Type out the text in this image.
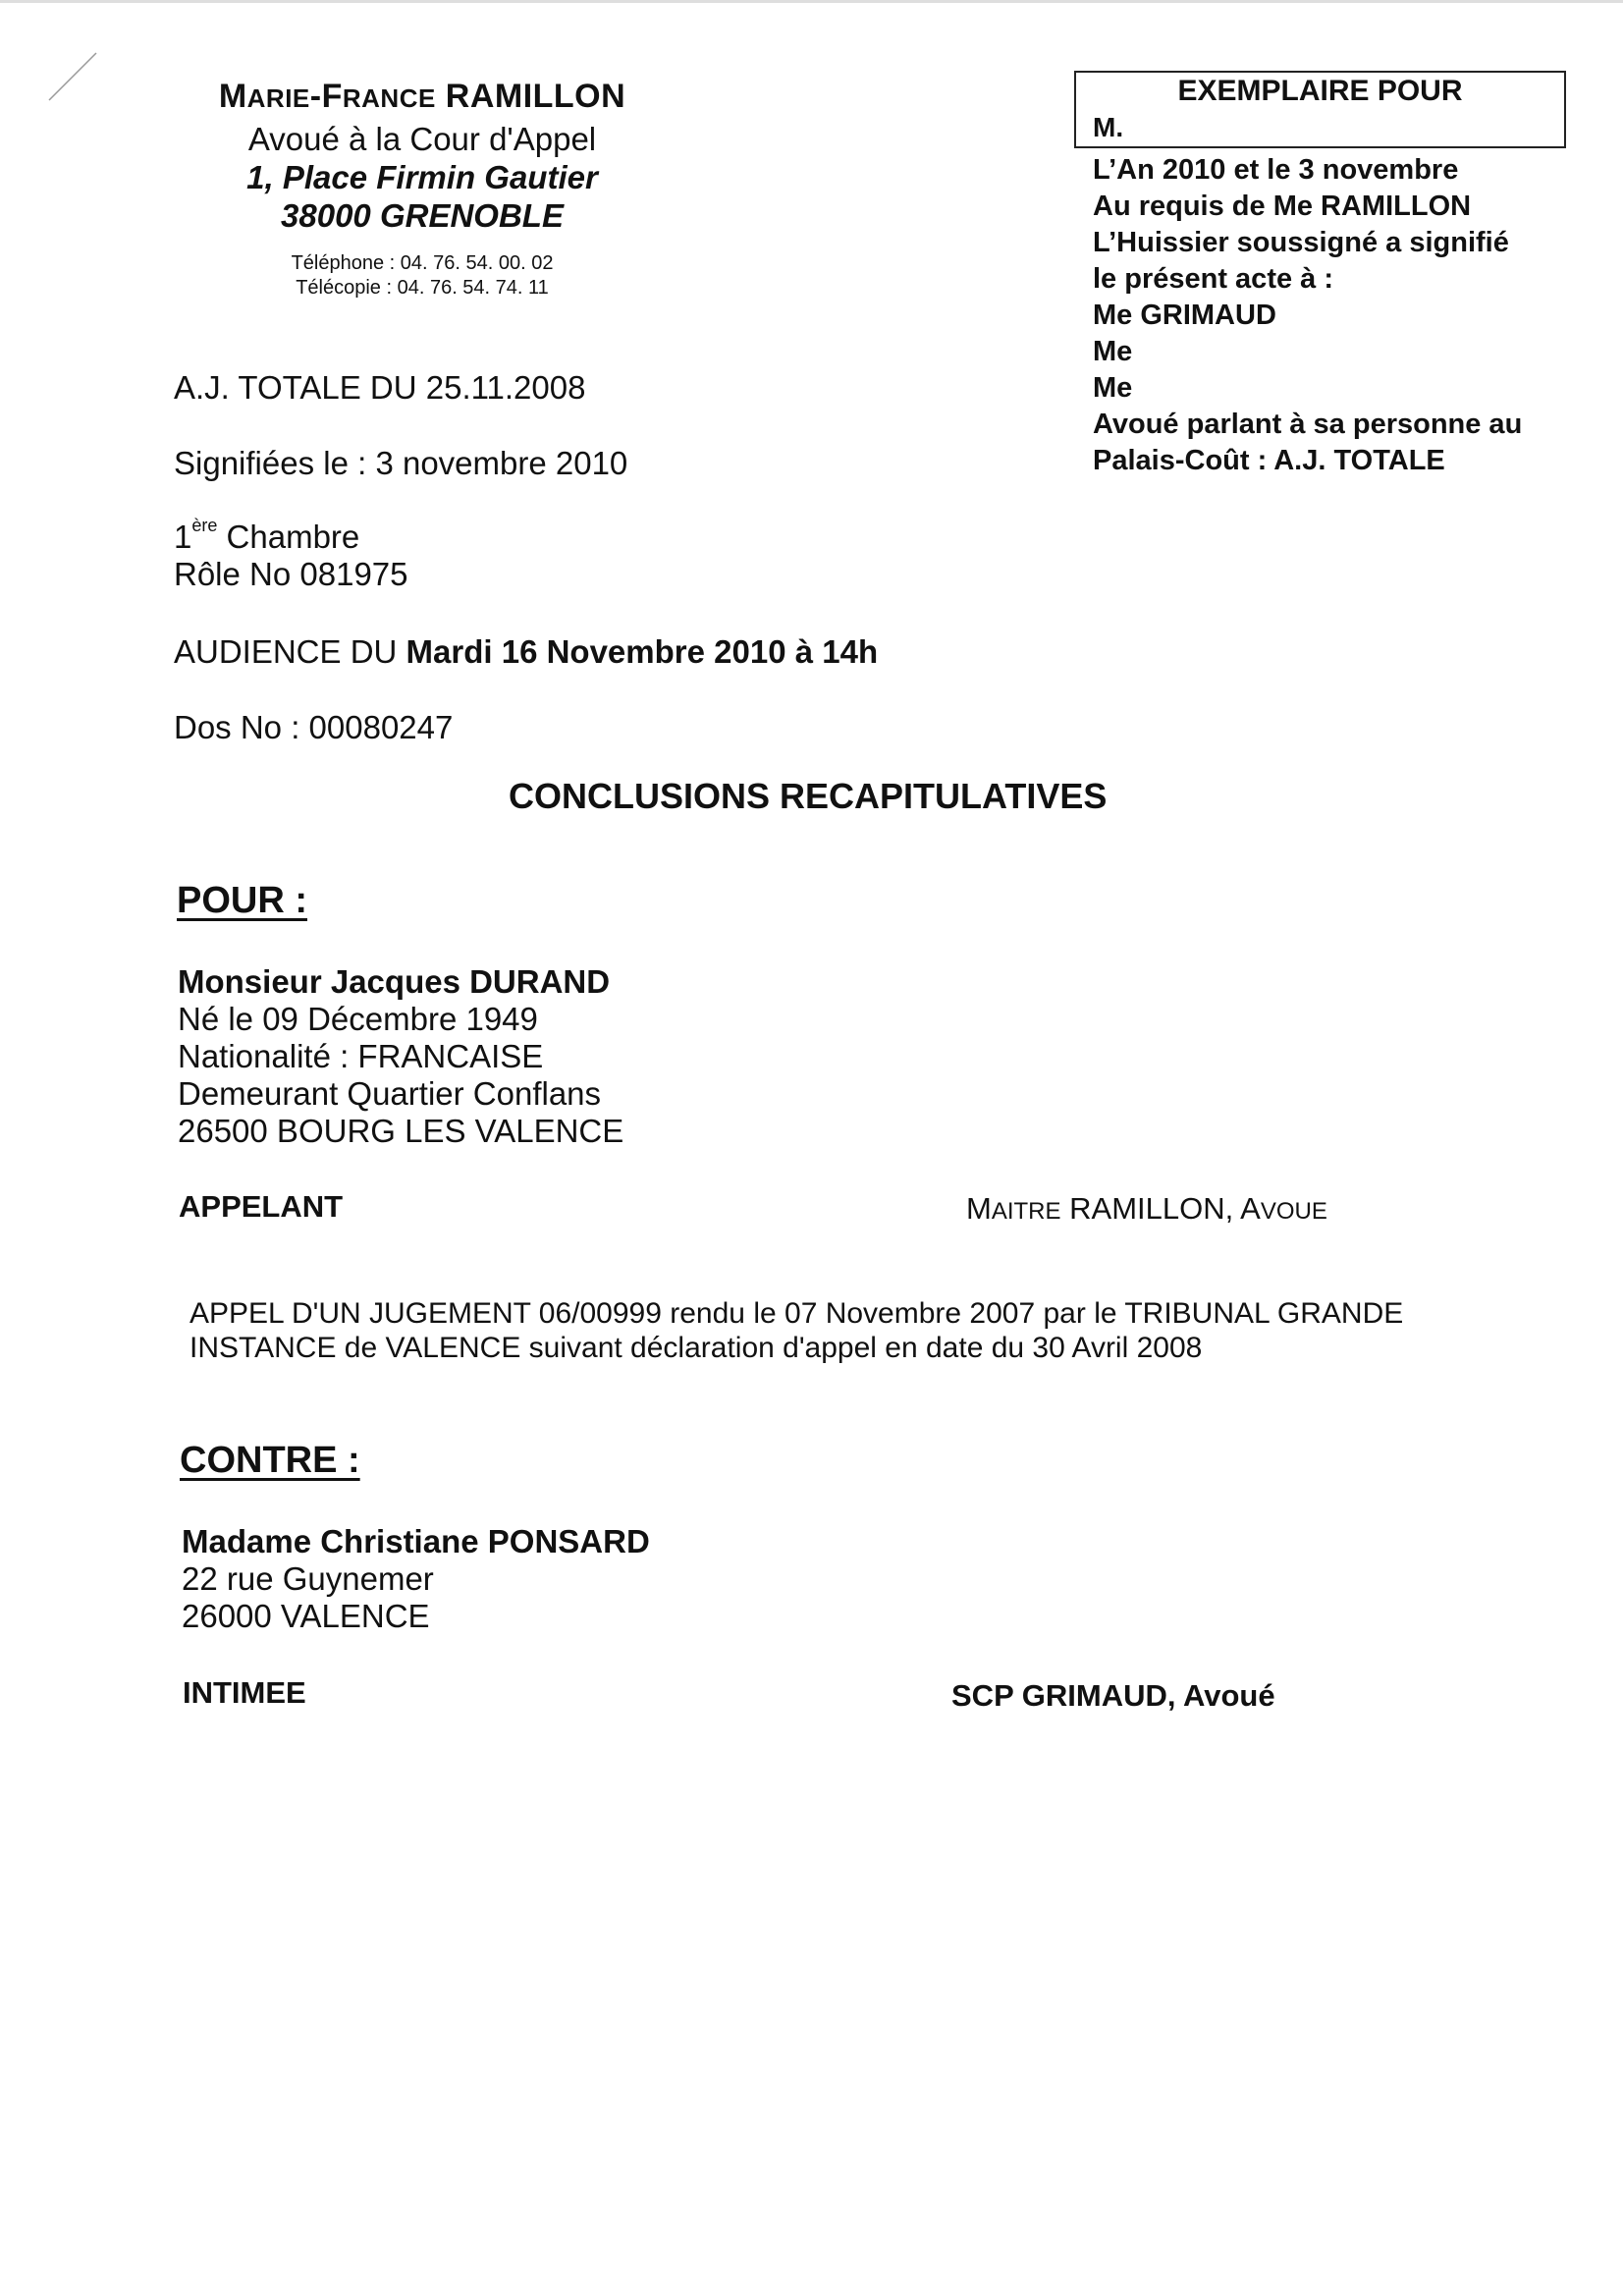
MARIE-FRANCE RAMILLON
Avoué à la Cour d'Appel
1, Place Firmin Gautier
38000 GRENOBLE
Téléphone : 04. 76. 54. 00. 02
Télécopie : 04. 76. 54. 74. 11
EXEMPLAIRE POUR
M.
L’An 2010 et le 3 novembre
Au requis de Me RAMILLON
L’Huissier soussigné a signifié
le présent acte à :
Me GRIMAUD
Me
Me
Avoué parlant à sa personne au
Palais-Coût : A.J. TOTALE
A.J. TOTALE DU 25.11.2008
Signifiées le : 3 novembre 2010
1ère Chambre
Rôle No 081975
AUDIENCE DU Mardi 16 Novembre 2010 à 14h
Dos No : 00080247
CONCLUSIONS RECAPITULATIVES
POUR :
Monsieur Jacques DURAND
Né le 09 Décembre 1949
Nationalité : FRANCAISE
Demeurant Quartier Conflans
26500 BOURG LES VALENCE
APPELANT	MAITRE RAMILLON, AVOUE
APPEL D'UN JUGEMENT 06/00999 rendu le 07 Novembre 2007 par le TRIBUNAL GRANDE
INSTANCE de VALENCE suivant déclaration d'appel en date du 30 Avril 2008
CONTRE :
Madame Christiane PONSARD
22 rue Guynemer
26000 VALENCE
INTIMEE	SCP GRIMAUD, Avoué
